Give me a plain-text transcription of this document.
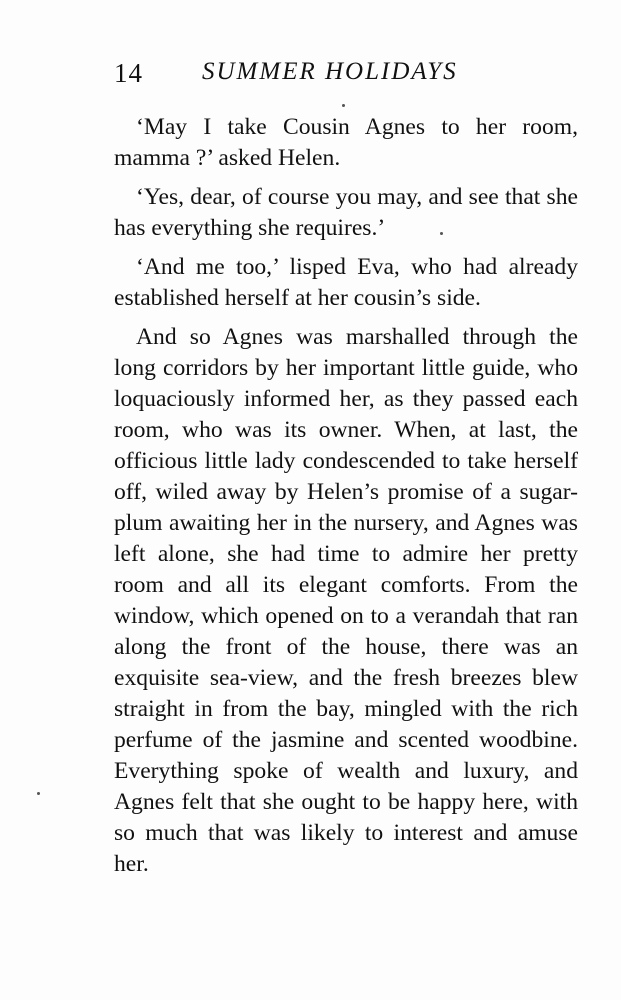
14 SUMMER HOLIDAYS

‘May I take Cousin Agnes to her room, mamma ?’ asked Helen.

‘Yes, dear, of course you may, and see that she has everything she requires.’

‘And me too,’ lisped Eva, who had already established herself at her cousin’s side.

And so Agnes was marshalled through the long corridors by her important little guide, who loquaciously informed her, as they passed each room, who was its owner. When, at last, the officious little lady condescended to take herself off, wiled away by Helen’s promise of a sugar-plum awaiting her in the nursery, and Agnes was left alone, she had time to admire her pretty room and all its elegant comforts. From the window, which opened on to a verandah that ran along the front of the house, there was an exquisite sea-view, and the fresh breezes blew straight in from the bay, mingled with the rich perfume of the jasmine and scented woodbine. Everything spoke of wealth and luxury, and Agnes felt that she ought to be happy here, with so much that was likely to interest and amuse her.
